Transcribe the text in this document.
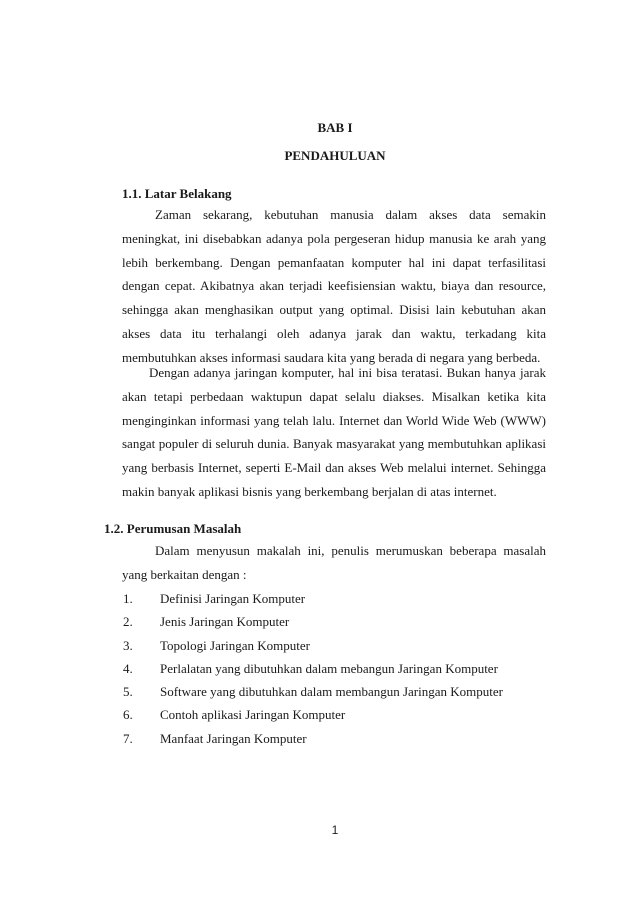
BAB I
PENDAHULUAN
1.1. Latar Belakang

Zaman sekarang, kebutuhan manusia dalam akses data semakin

meningkat, ini disebabkan adanya pola pergeseran hidup manusia ke arah yang

lebih berkembang. Dengan pemanfaatan komputer hal ini dapat terfasilitasi

dengan cepat. Akibatnya akan terjadi keefisiensian waktu, biaya dan resource,

sehingga akan menghasikan output yang optimal. Disisi lain kebutuhan akan

akses data itu terhalangi oleh adanya jarak dan waktu, terkadang kita

membutuhkan akses informasi saudara kita yang berada di negara yang berbeda.

Dengan adanya jaringan komputer, hal ini bisa teratasi. Bukan hanya jarak

akan tetapi perbedaan waktupun dapat selalu diakses. Misalkan ketika kita

menginginkan informasi yang telah lalu. Internet dan World Wide Web (WWW)

sangat populer di seluruh dunia. Banyak masyarakat yang membutuhkan aplikasi

yang berbasis Internet, seperti E-Mail dan akses Web melalui internet. Sehingga

makin banyak aplikasi bisnis yang berkembang berjalan di atas internet.

1.2. Perumusan Masalah

Dalam menyusun makalah ini, penulis merumuskan beberapa masalah

yang berkaitan dengan :

1.	Definisi Jaringan Komputer
2.	Jenis Jaringan Komputer
3.	Topologi Jaringan Komputer
4.	Perlalatan yang dibutuhkan dalam mebangun Jaringan Komputer
5.	Software yang dibutuhkan dalam membangun Jaringan Komputer
6.	Contoh aplikasi Jaringan Komputer
7.	Manfaat Jaringan Komputer
1
